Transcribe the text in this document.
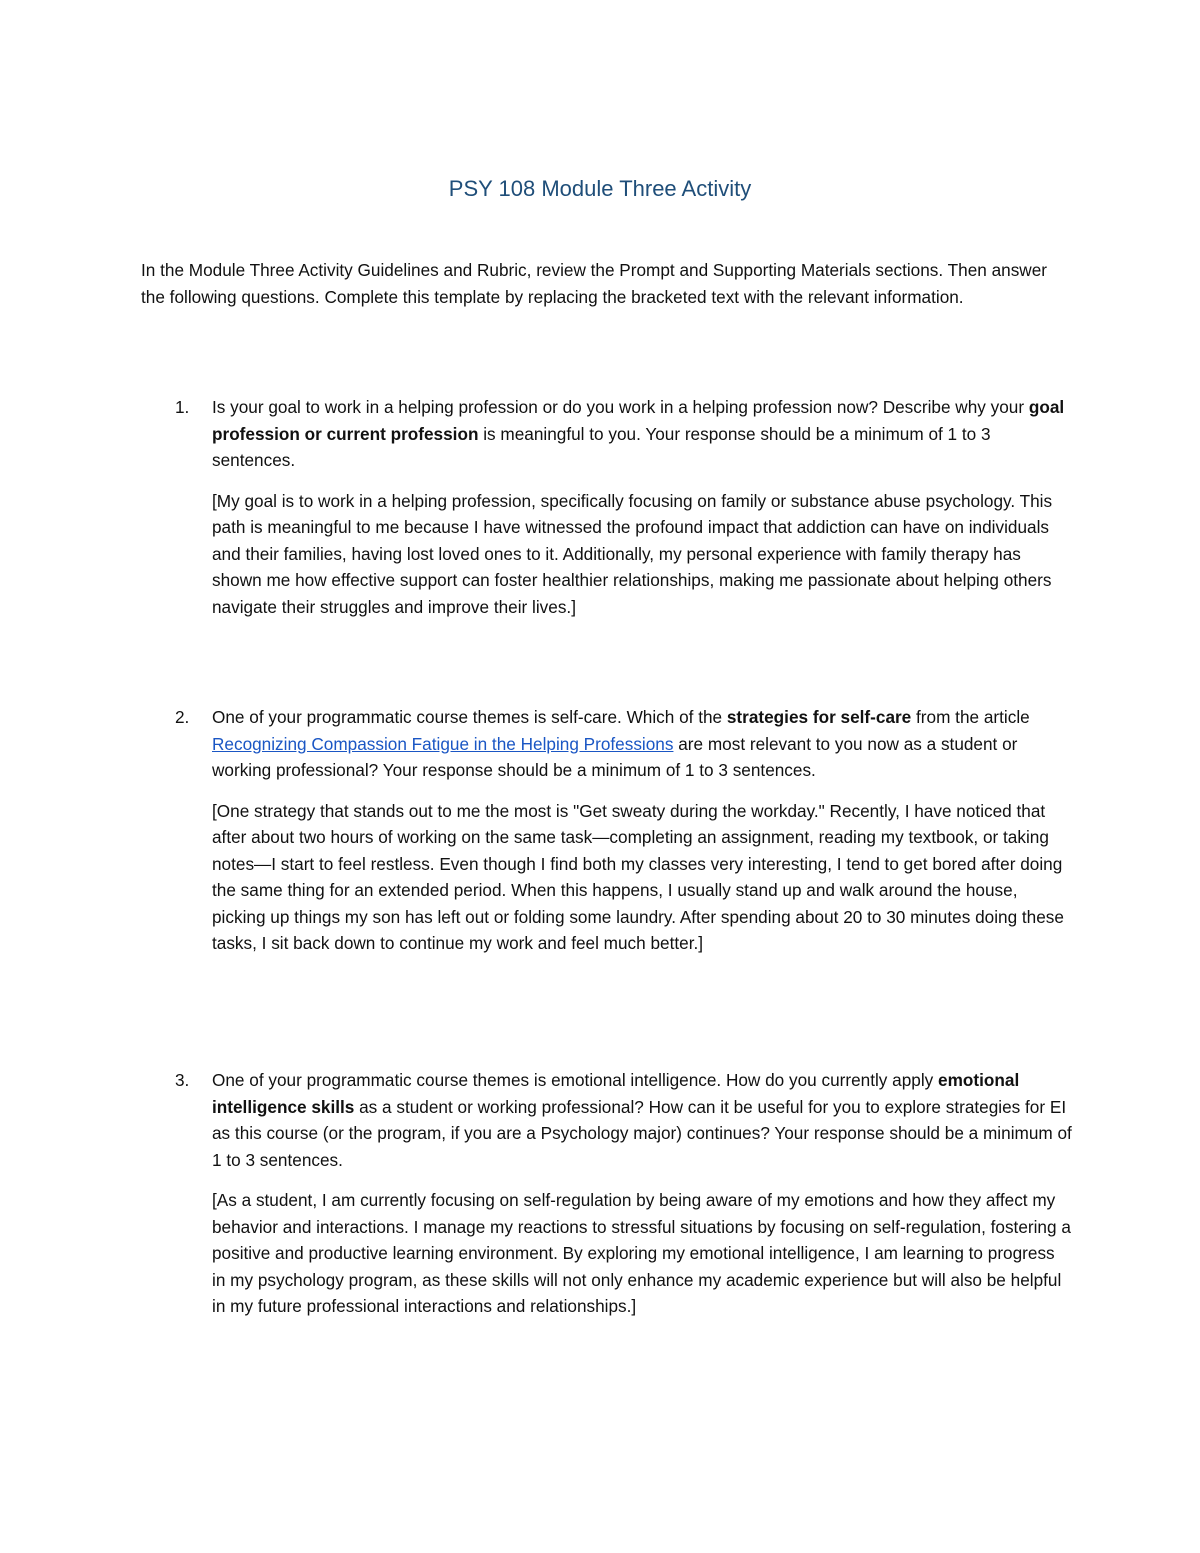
PSY 108 Module Three Activity

In the Module Three Activity Guidelines and Rubric, review the Prompt and Supporting Materials sections. Then answer the following questions. Complete this template by replacing the bracketed text with the relevant information.

1. Is your goal to work in a helping profession or do you work in a helping profession now? Describe why your goal profession or current profession is meaningful to you. Your response should be a minimum of 1 to 3 sentences.

[My goal is to work in a helping profession, specifically focusing on family or substance abuse psychology. This path is meaningful to me because I have witnessed the profound impact that addiction can have on individuals and their families, having lost loved ones to it. Additionally, my personal experience with family therapy has shown me how effective support can foster healthier relationships, making me passionate about helping others navigate their struggles and improve their lives.]

2. One of your programmatic course themes is self-care. Which of the strategies for self-care from the article Recognizing Compassion Fatigue in the Helping Professions are most relevant to you now as a student or working professional? Your response should be a minimum of 1 to 3 sentences.

[One strategy that stands out to me the most is "Get sweaty during the workday." Recently, I have noticed that after about two hours of working on the same task—completing an assignment, reading my textbook, or taking notes—I start to feel restless. Even though I find both my classes very interesting, I tend to get bored after doing the same thing for an extended period. When this happens, I usually stand up and walk around the house, picking up things my son has left out or folding some laundry. After spending about 20 to 30 minutes doing these tasks, I sit back down to continue my work and feel much better.]

3. One of your programmatic course themes is emotional intelligence. How do you currently apply emotional intelligence skills as a student or working professional? How can it be useful for you to explore strategies for EI as this course (or the program, if you are a Psychology major) continues? Your response should be a minimum of 1 to 3 sentences.

[As a student, I am currently focusing on self-regulation by being aware of my emotions and how they affect my behavior and interactions. I manage my reactions to stressful situations by focusing on self-regulation, fostering a positive and productive learning environment. By exploring my emotional intelligence, I am learning to progress in my psychology program, as these skills will not only enhance my academic experience but will also be helpful in my future professional interactions and relationships.]
